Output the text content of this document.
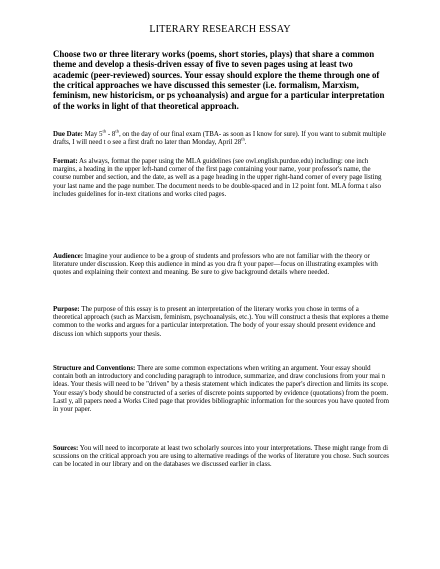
LITERARY RESEARCH ESSAY
Choose two or three literary works (poems, short stories, plays) that share a common theme and develop a thesis-driven essay of five to seven pages using at least two academic (peer-reviewed) sources. Your essay should explore the theme through one of the critical approaches we have discussed this semester (i.e. formalism, Marxism, feminism, new historicism, or ps ychoanalysis) and argue for a particular interpretation of the works in light of that theoretical approach.
Due Date: May 5th - 8th, on the day of our final exam (TBA- as soon as I know for sure). If you want to submit multiple drafts, I will need t o see a first draft no later than Monday, April 28th.
Format: As always, format the paper using the MLA guidelines (see owl.english.purdue.edu) including: one inch margins, a heading in the upper left-hand corner of the first page containing your name, your professor's name, the course number and section, and the date, as well as a page heading in the upper right-hand corner of every page listing your last name and the page number. The document needs to be double-spaced and in 12 point font. MLA forma t also includes guidelines for in-text citations and works cited pages.
Audience: Imagine your audience to be a group of students and professors who are not familiar with the theory or literature under discussion. Keep this audience in mind as you dra ft your paper—focus on illustrating examples with quotes and explaining their context and meaning. Be sure to give background details where needed.
Purpose: The purpose of this essay is to present an interpretation of the literary works you chose in terms of a theoretical approach (such as Marxism, feminism, psychoanalysis, etc.). You will construct a thesis that explores a theme common to the works and argues for a particular interpretation. The body of your essay should present evidence and discuss ion which supports your thesis.
Structure and Conventions: There are some common expectations when writing an argument. Your essay should contain both an introductory and concluding paragraph to introduce, summarize, and draw conclusions from your mai n ideas. Your thesis will need to be "driven" by a thesis statement which indicates the paper's direction and limits its scope. Your essay's body should be constructed of a series of discrete points supported by evidence (quotations) from the poem. Lastl y, all papers need a Works Cited page that provides bibliographic information for the sources you have quoted from in your paper.
Sources: You will need to incorporate at least two scholarly sources into your interpretations. These might range from di scussions on the critical approach you are using to alternative readings of the works of literature you chose. Such sources can be located in our library and on the databases we discussed earlier in class.
